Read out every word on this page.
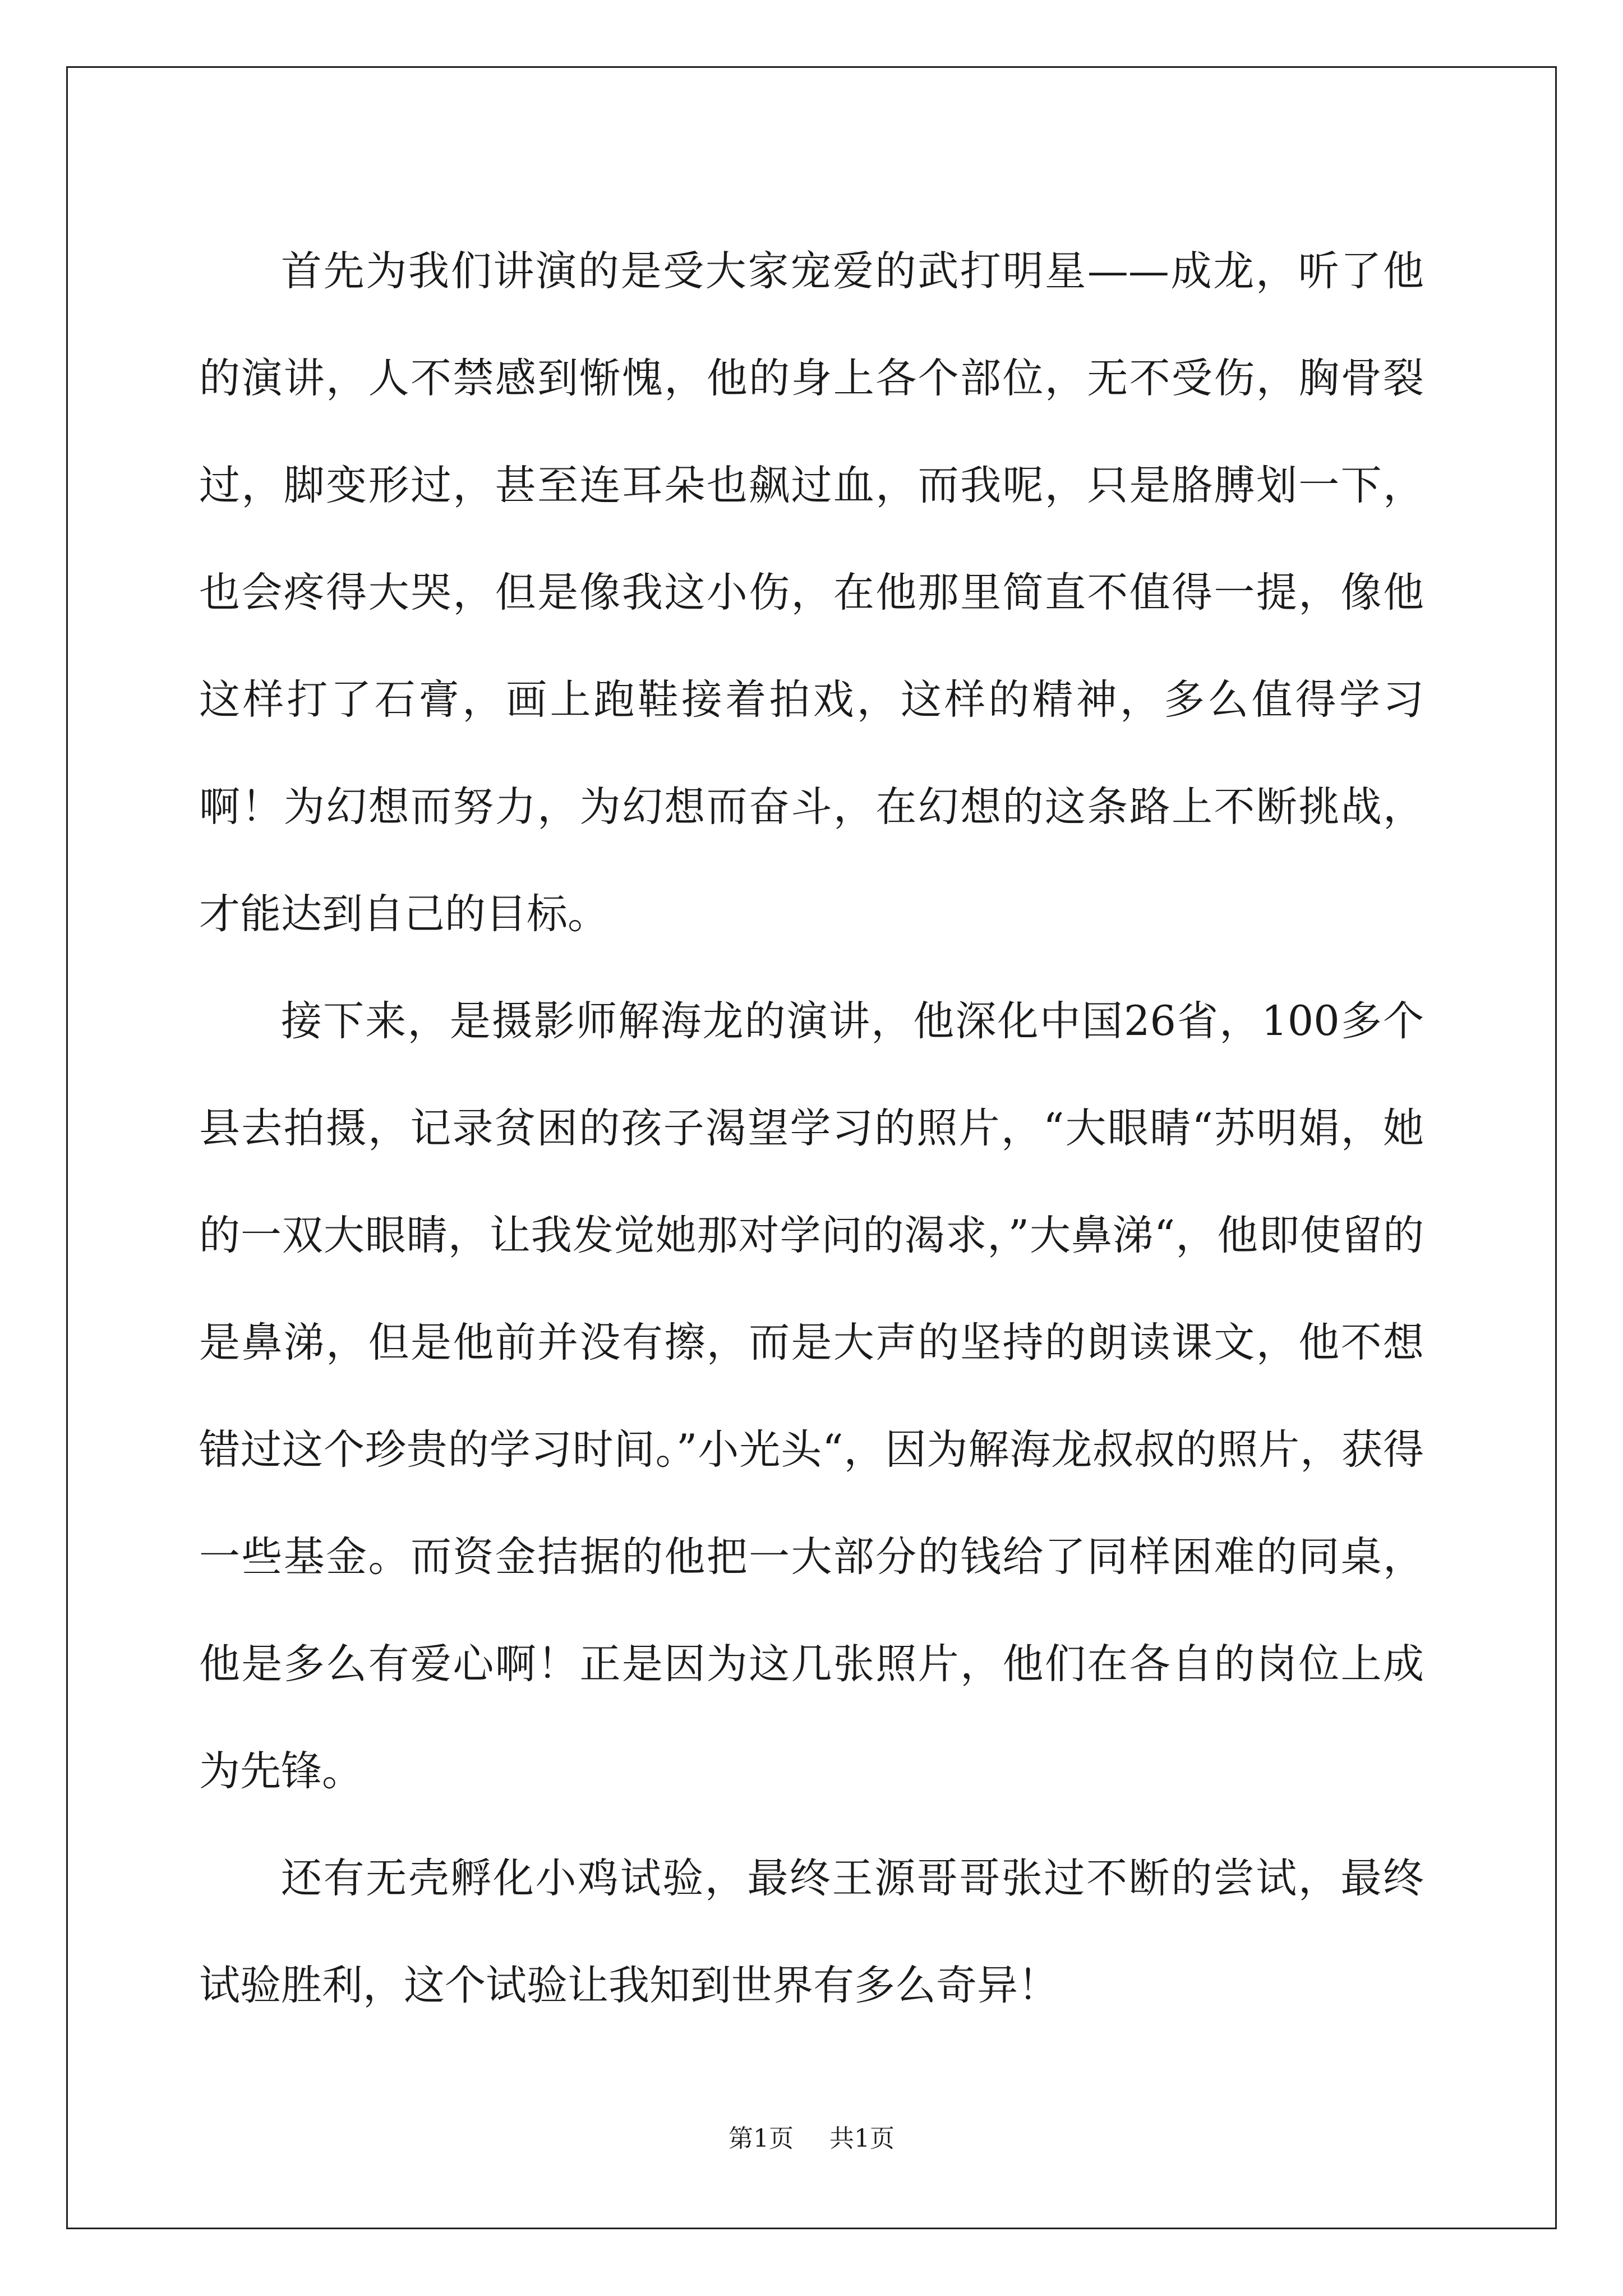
首先为我们讲演的是受大家宠爱的武打明星——成龙，听了他的演讲，人不禁感到惭愧，他的身上各个部位，无不受伤，胸骨裂过，脚变形过，甚至连耳朵也飙过血，而我呢，只是胳膊划一下，也会疼得大哭，但是像我这小伤，在他那里简直不值得一提，像他这样打了石膏，画上跑鞋接着拍戏，这样的精神，多么值得学习啊！为幻想而努力，为幻想而奋斗，在幻想的这条路上不断挑战，才能达到自己的目标。

接下来，是摄影师解海龙的演讲，他深化中国26省，100多个县去拍摄，记录贫困的孩子渴望学习的照片，“大眼睛“苏明娟，她的一双大眼睛，让我发觉她那对学问的渴求，”大鼻涕“，他即使留的是鼻涕，但是他前并没有擦，而是大声的坚持的朗读课文，他不想错过这个珍贵的学习时间。”小光头“，因为解海龙叔叔的照片，获得一些基金。而资金拮据的他把一大部分的钱给了同样困难的同桌，他是多么有爱心啊！正是因为这几张照片，他们在各自的岗位上成为先锋。

还有无壳孵化小鸡试验，最终王源哥哥张过不断的尝试，最终试验胜利，这个试验让我知到世界有多么奇异！

第1页 共1页
